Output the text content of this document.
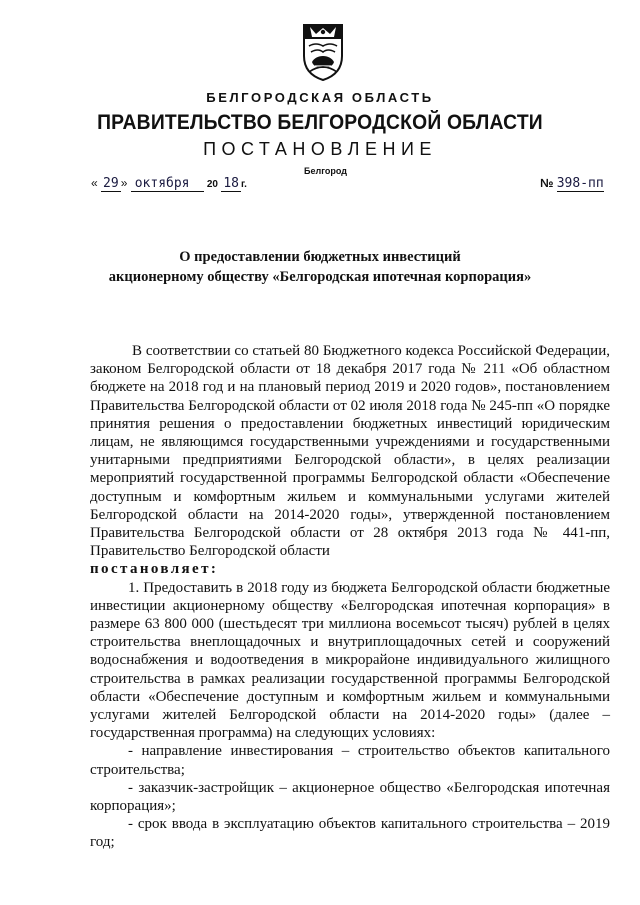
БЕЛГОРОДСКАЯ ОБЛАСТЬ
ПРАВИТЕЛЬСТВО БЕЛГОРОДСКОЙ ОБЛАСТИ
ПОСТАНОВЛЕНИЕ
Белгород
« 29 » октября 20 18 г.	№ 398-пп
О предоставлении бюджетных инвестиций
акционерному обществу «Белгородская ипотечная корпорация»

В соответствии со статьей 80 Бюджетного кодекса Российской Федерации, законом Белгородской области от 18 декабря 2017 года № 211 «Об областном бюджете на 2018 год и на плановый период 2019 и 2020 годов», постановлением Правительства Белгородской области от 02 июля 2018 года № 245-пп «О порядке принятия решения о предоставлении бюджетных инвестиций юридическим лицам, не являющимся государственными учреждениями и государственными унитарными предприятиями Белгородской области», в целях реализации мероприятий государственной программы Белгородской области «Обеспечение доступным и комфортным жильем и коммунальными услугами жителей Белгородской области на 2014-2020 годы», утвержденной постановлением Правительства Белгородской области от 28 октября 2013 года № 441-пп, Правительство Белгородской области

постановляет:

1. Предоставить в 2018 году из бюджета Белгородской области бюджетные инвестиции акционерному обществу «Белгородская ипотечная корпорация» в размере 63 800 000 (шестьдесят три миллиона восемьсот тысяч) рублей в целях строительства внеплощадочных и внутриплощадочных сетей и сооружений водоснабжения и водоотведения в микрорайоне индивидуального жилищного строительства в рамках реализации государственной программы Белгородской области «Обеспечение доступным и комфортным жильем и коммунальными услугами жителей Белгородской области на 2014-2020 годы» (далее – государственная программа) на следующих условиях:

- направление инвестирования – строительство объектов капитального строительства;

- заказчик-застройщик – акционерное общество «Белгородская ипотечная корпорация»;

- срок ввода в эксплуатацию объектов капитального строительства – 2019 год;
